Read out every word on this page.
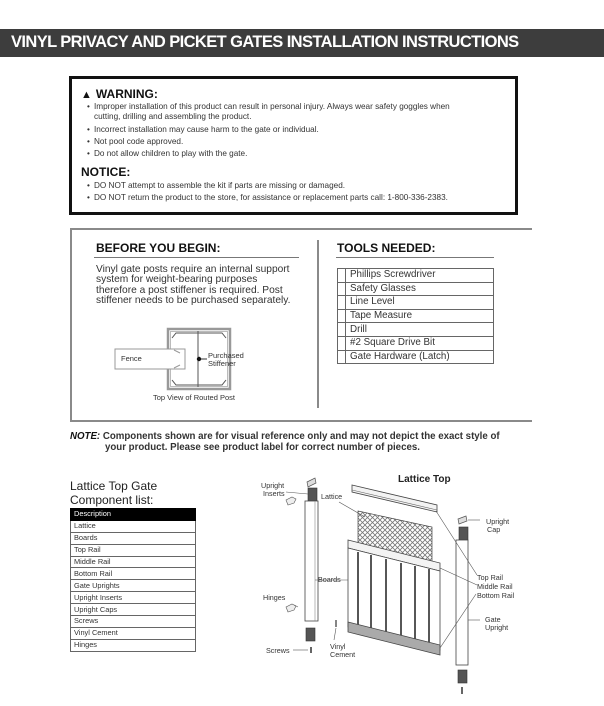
VINYL PRIVACY AND PICKET GATES INSTALLATION INSTRUCTIONS
▲ WARNING:
• Improper installation of this product can result in personal injury. Always wear safety goggles when
cutting, drilling and assembling the product.
• Incorrect installation may cause harm to the gate or individual.
• Not pool code approved.
• Do not allow children to play with the gate.
NOTICE:
• DO NOT attempt to assemble the kit if parts are missing or damaged.
• DO NOT return the product to the store, for assistance or replacement parts call: 1-800-336-2383.
BEFORE YOU BEGIN:
Vinyl gate posts require an internal support
system for weight-bearing purposes
therefore a post stiffener is required. Post
stiffener needs to be purchased separately.
Fence	Purchased
Stiffener
Top View of Routed Post
TOOLS NEEDED:
	Phillips Screwdriver
	Safety Glasses
	Line Level
	Tape Measure
	Drill
	#2 Square Drive Bit
	Gate Hardware (Latch)
NOTE: Components shown are for visual reference only and may not depict the exact style of
your product. Please see product label for correct number of pieces.
Lattice Top Gate
Component list:
Description
Lattice
Boards
Top Rail
Middle Rail
Bottom Rail
Gate Uprights
Upright Inserts
Upright Caps
Screws
Vinyl Cement
Hinges
Lattice Top
Upright
Inserts	Lattice
Upright
Cap
Boards	Top Rail
Middle Rail
Bottom Rail
Hinges
Gate
Upright
Screws	Vinyl
Cement
